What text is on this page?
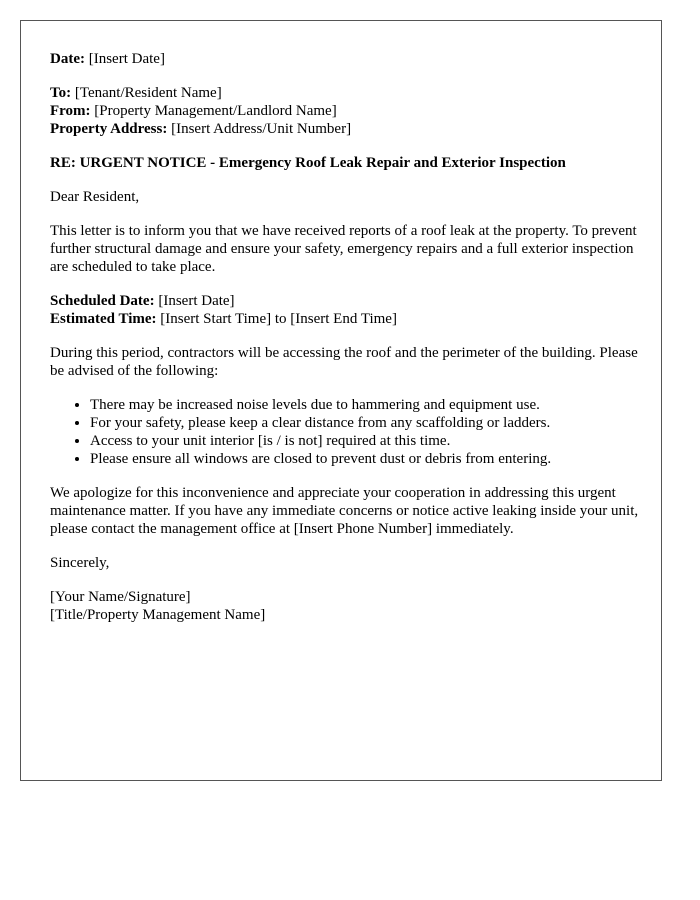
Date: [Insert Date]
To: [Tenant/Resident Name]
From: [Property Management/Landlord Name]
Property Address: [Insert Address/Unit Number]
RE: URGENT NOTICE - Emergency Roof Leak Repair and Exterior Inspection
Dear Resident,
This letter is to inform you that we have received reports of a roof leak at the property. To prevent further structural damage and ensure your safety, emergency repairs and a full exterior inspection are scheduled to take place.
Scheduled Date: [Insert Date]
Estimated Time: [Insert Start Time] to [Insert End Time]
During this period, contractors will be accessing the roof and the perimeter of the building. Please be advised of the following:
• There may be increased noise levels due to hammering and equipment use.
• For your safety, please keep a clear distance from any scaffolding or ladders.
• Access to your unit interior [is / is not] required at this time.
• Please ensure all windows are closed to prevent dust or debris from entering.
We apologize for this inconvenience and appreciate your cooperation in addressing this urgent maintenance matter. If you have any immediate concerns or notice active leaking inside your unit, please contact the management office at [Insert Phone Number] immediately.
Sincerely,
[Your Name/Signature]
[Title/Property Management Name]
